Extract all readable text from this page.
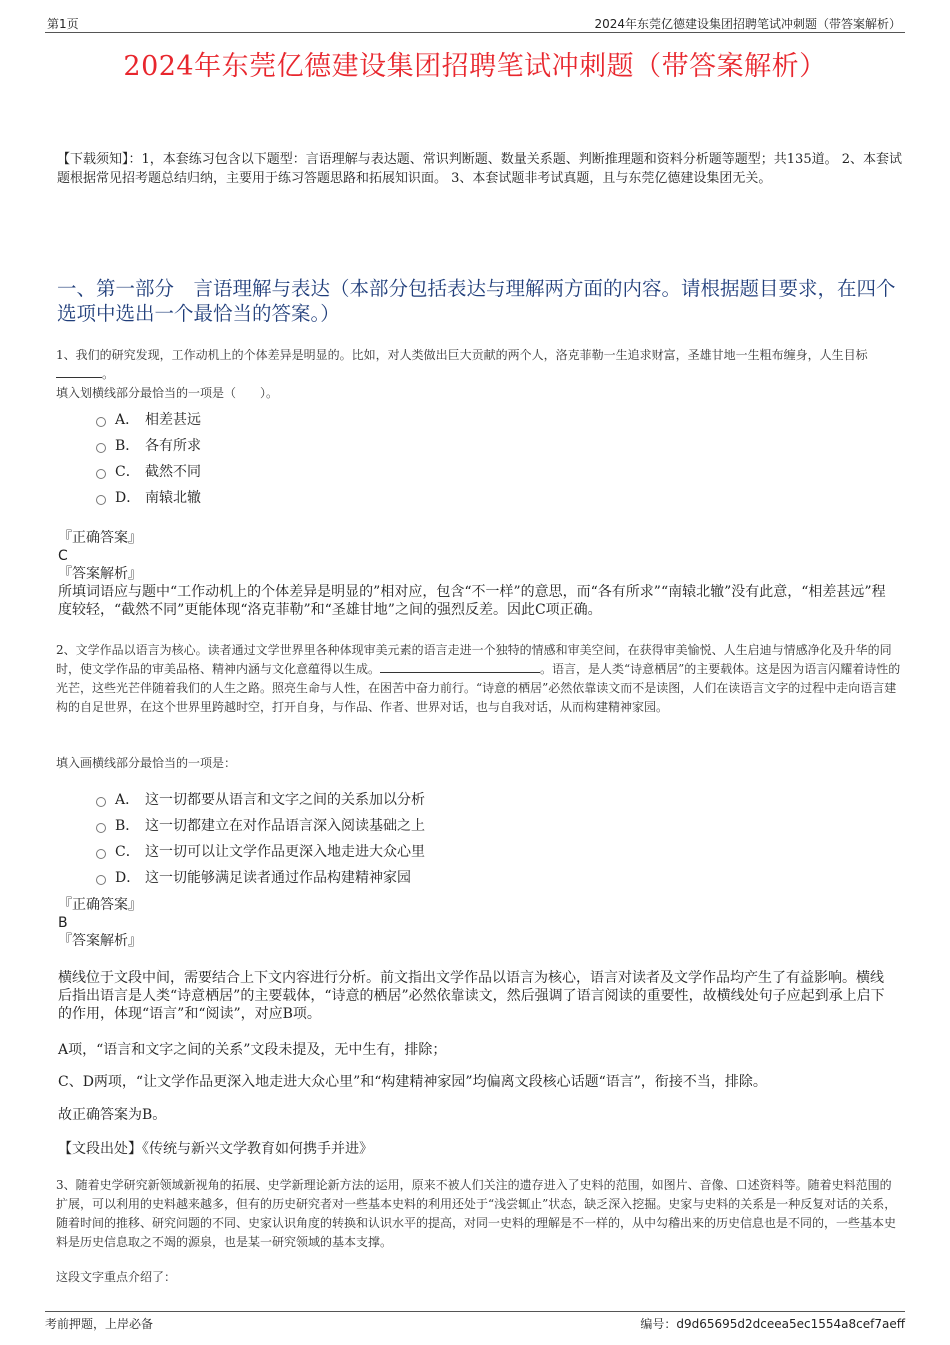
第1页	2024年东莞亿德建设集团招聘笔试冲刺题（带答案解析）
2024年东莞亿德建设集团招聘笔试冲刺题（带答案解析）
【下载须知】：1，本套练习包含以下题型：言语理解与表达题、常识判断题、数量关系题、判断推理题和资料分析题等题型；共135道。 2、本套试题根据常见招考题总结归纳，主要用于练习答题思路和拓展知识面。 3、本套试题非考试真题，且与东莞亿德建设集团无关。
一、第一部分　言语理解与表达（本部分包括表达与理解两方面的内容。请根据题目要求，在四个选项中选出一个最恰当的答案。）
1、我们的研究发现，工作动机上的个体差异是明显的。比如，对人类做出巨大贡献的两个人，洛克菲勒一生追求财富，圣雄甘地一生粗布缠身，人生目标。
填入划横线部分最恰当的一项是（　　）。
A． 相差甚远
B． 各有所求
C． 截然不同
D． 南辕北辙
『正确答案』
C
『答案解析』
所填词语应与题中“工作动机上的个体差异是明显的”相对应，包含“不一样”的意思，而“各有所求”“南辕北辙”没有此意，“相差甚远”程度较轻，“截然不同”更能体现“洛克菲勒”和“圣雄甘地”之间的强烈反差。因此C项正确。
2、文学作品以语言为核心。读者通过文学世界里各种体现审美元素的语言走进一个独特的情感和审美空间，在获得审美愉悦、人生启迪与情感净化及升华的同时，使文学作品的审美品格、精神内涵与文化意蕴得以生成。	。语言，是人类“诗意栖居”的主要载体。这是因为语言闪耀着诗性的光芒，这些光芒伴随着我们的人生之路。照亮生命与人性，在困苦中奋力前行。“诗意的栖居”必然依靠读文而不是读图，人们在读语言文字的过程中走向语言建构的自足世界，在这个世界里跨越时空，打开自身，与作品、作者、世界对话，也与自我对话，从而构建精神家园。
填入画横线部分最恰当的一项是：
A． 这一切都要从语言和文字之间的关系加以分析
B． 这一切都建立在对作品语言深入阅读基础之上
C． 这一切可以让文学作品更深入地走进大众心里
D． 这一切能够满足读者通过作品构建精神家园
『正确答案』
B
『答案解析』
横线位于文段中间，需要结合上下文内容进行分析。前文指出文学作品以语言为核心，语言对读者及文学作品均产生了有益影响。横线后指出语言是人类“诗意栖居”的主要载体，“诗意的栖居”必然依靠读文，然后强调了语言阅读的重要性，故横线处句子应起到承上启下的作用，体现“语言”和“阅读”，对应B项。
A项，“语言和文字之间的关系”文段未提及，无中生有，排除；
C、D两项，“让文学作品更深入地走进大众心里”和“构建精神家园”均偏离文段核心话题“语言”，衔接不当，排除。
故正确答案为B。
【文段出处】《传统与新兴文学教育如何携手并进》
3、随着史学研究新领域新视角的拓展、史学新理论新方法的运用，原来不被人们关注的遗存进入了史料的范围，如图片、音像、口述资料等。随着史料范围的扩展，可以利用的史料越来越多，但有的历史研究者对一些基本史料的利用还处于“浅尝辄止”状态，缺乏深入挖掘。史家与史料的关系是一种反复对话的关系，随着时间的推移、研究问题的不同、史家认识角度的转换和认识水平的提高，对同一史料的理解是不一样的，从中勾稽出来的历史信息也是不同的，一些基本史料是历史信息取之不竭的源泉，也是某一研究领域的基本支撑。
这段文字重点介绍了：
考前押题，上岸必备	编号：d9d65695d2dceea5ec1554a8cef7aeff
